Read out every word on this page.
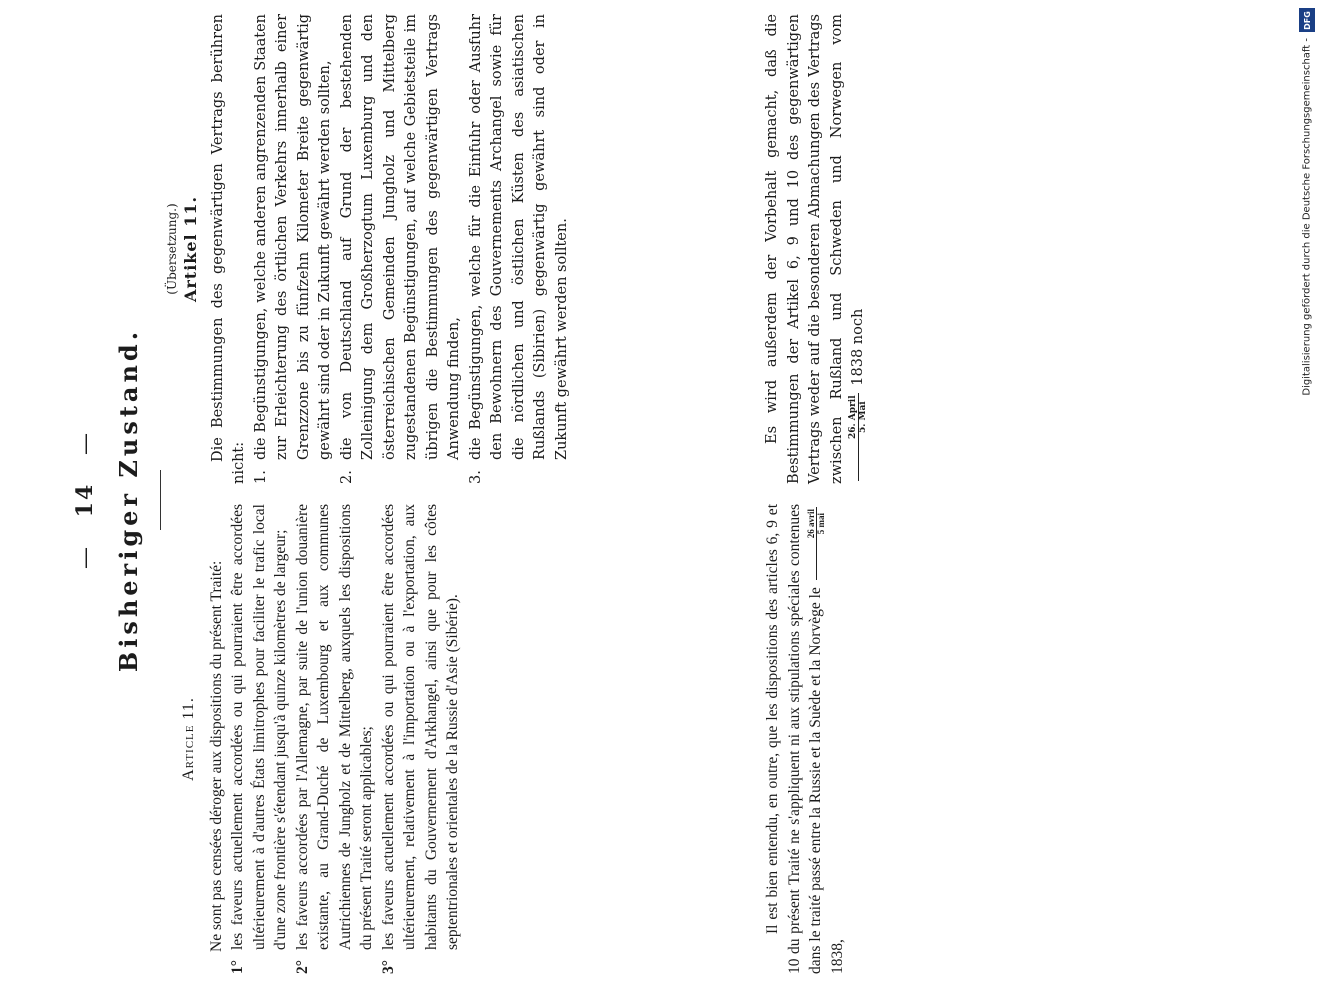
— 14 — Bisheriger Zustand.

Article 11. Ne sont pas censées déroger aux dispositions du présent Traité:

1°
les faveurs actuellement accordées ou qui pourraient être accordées ultérieurement à d'autres États limitrophes pour faciliter le trafic local d'une zone frontière s'étendant jusqu'à quinze kilomètres de largeur;
2°
les faveurs accordées par l'Allemagne, par suite de l'union douanière existante, au Grand-Duché de Luxembourg et aux communes Autrichiennes de Jungholz et de Mittelberg, auxquels les dispositions du présent Traité seront applicables;
3°
les faveurs actuellement accordées ou qui pourraient être accordées ultérieurement, relativement à l'importation ou à l'exportation, aux habitants du Gouvernement d'Arkhangel, ainsi que pour les côtes septentrionales et orientales de la Russie d'Asie (Sibérie).

(Übersetzung.) Artikel 11. Die Bestimmungen des gegenwärtigen Vertrags berühren nicht: 1.
die Begünstigungen, welche anderen angrenzenden Staaten zur Erleichterung des örtlichen Verkehrs innerhalb einer Grenzzone bis zu fünfzehn Kilometer Breite gegenwärtig gewährt sind oder in Zukunft gewährt werden sollten,
2.
die von Deutschland auf Grund der bestehenden Zolleinigung dem Großherzogtum Luxemburg und den österreichischen Gemeinden Jungholz und Mittelberg zugestandenen Begünstigungen, auf welche Gebietsteile im übrigen die Bestimmungen des gegenwärtigen Vertrags Anwendung finden,
3.
die Begünstigungen, welche für die Einfuhr oder Ausfuhr den Bewohnern des Gouvernements Archangel sowie für die nördlichen und östlichen Küsten des asiatischen Rußlands (Sibirien) gegenwärtig gewährt sind oder in Zukunft gewährt werden sollten.

Il est bien entendu, en outre, que les dispositions des articles 6, 9 et 10 du présent Traité ne s'appliquent ni aux stipulations spéciales contenues dans le traité passé entre la Russie et la Suède et la Norvège le
26 avril 5 mai
1838,

Es wird außerdem der Vorbehalt gemacht, daß die Bestimmungen der Artikel 6, 9 und 10 des gegenwärtigen Vertrags weder auf die besonderen Abmachungen des Vertrags zwischen Rußland und Schweden und Norwegen vom 26. April 5. Mai
1838 noch

DFG
Digitalisierung gefördert durch die Deutsche Forschungsgemeinschaft -
